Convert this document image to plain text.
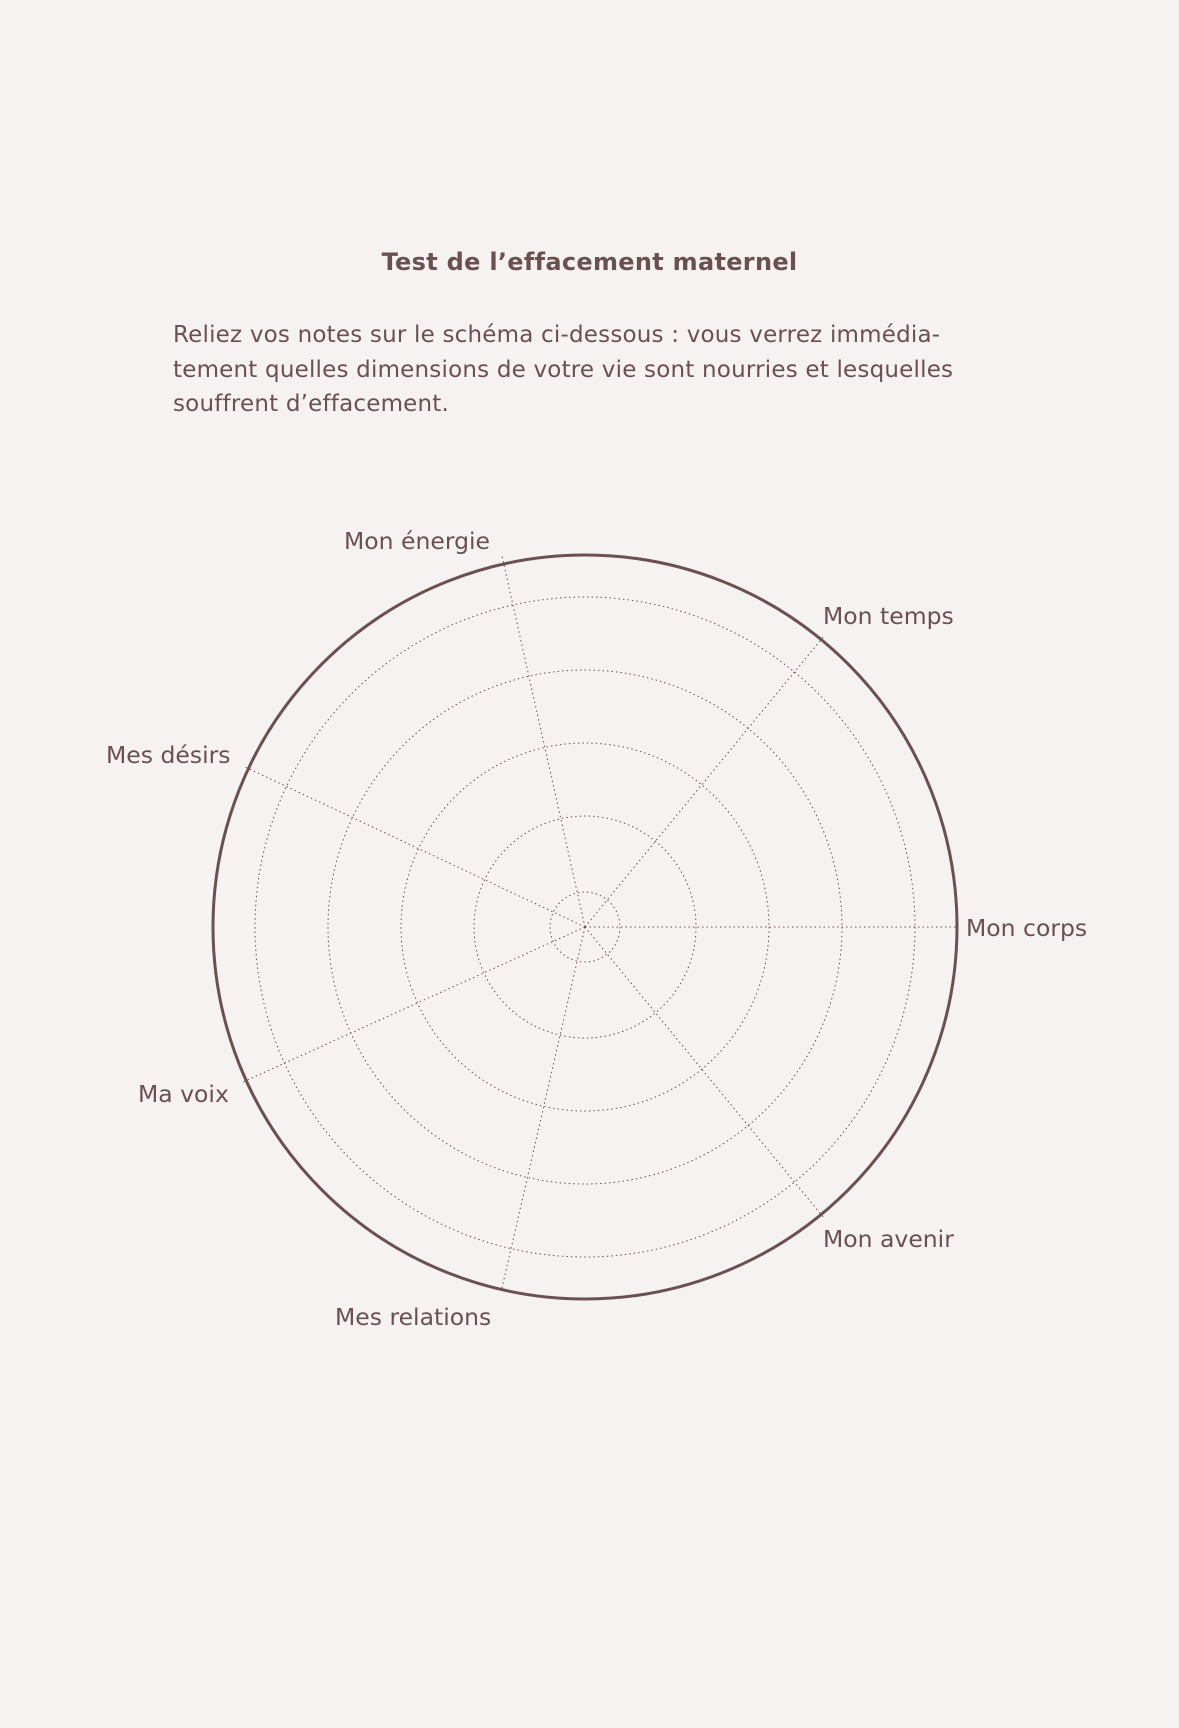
Test de l’effacement maternel
Reliez vos notes sur le schéma ci-dessous : vous verrez immédia-tement quelles dimensions de votre vie sont nourries et lesquelles souffrent d’effacement.
Mon corps
Mon temps
Mon énergie
Mes désirs
Ma voix
Mes relations
Mon avenir
